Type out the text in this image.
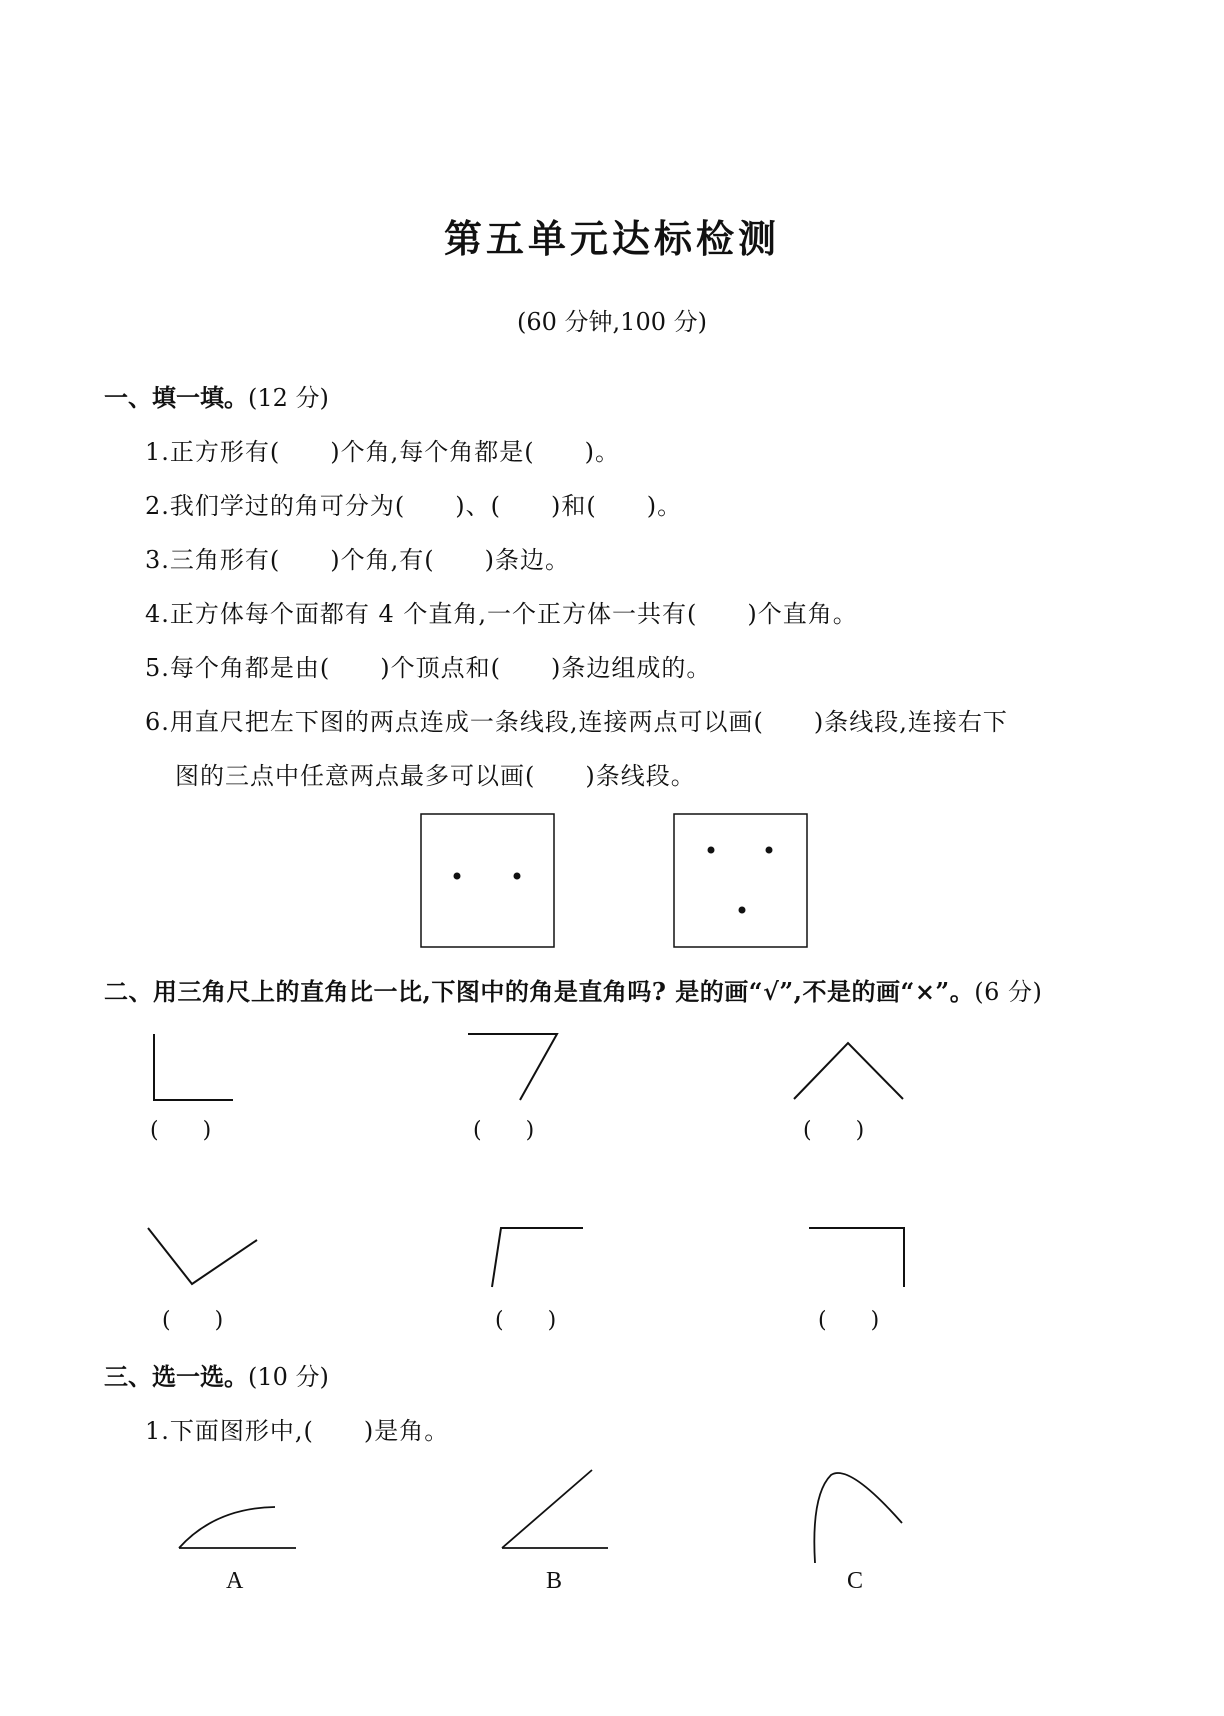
第五单元达标检测
(60 分钟,100 分)
一、填一填。(12 分)
1.正方形有(　　)个角,每个角都是(　　)。
2.我们学过的角可分为(　　)、(　　)和(　　)。
3.三角形有(　　)个角,有(　　)条边。
4.正方体每个面都有 4 个直角,一个正方体一共有(　　)个直角。
5.每个角都是由(　　)个顶点和(　　)条边组成的。
6.用直尺把左下图的两点连成一条线段,连接两点可以画(　　)条线段,连接右下
图的三点中任意两点最多可以画(　　)条线段。
二、用三角尺上的直角比一比,下图中的角是直角吗? 是的画“√”,不是的画“×”。(6 分)
(　　)	(　　)	(　　)
(　　)	(　　)	(　　)
三、选一选。(10 分)
1.下面图形中,(　　)是角。
A	B	C
